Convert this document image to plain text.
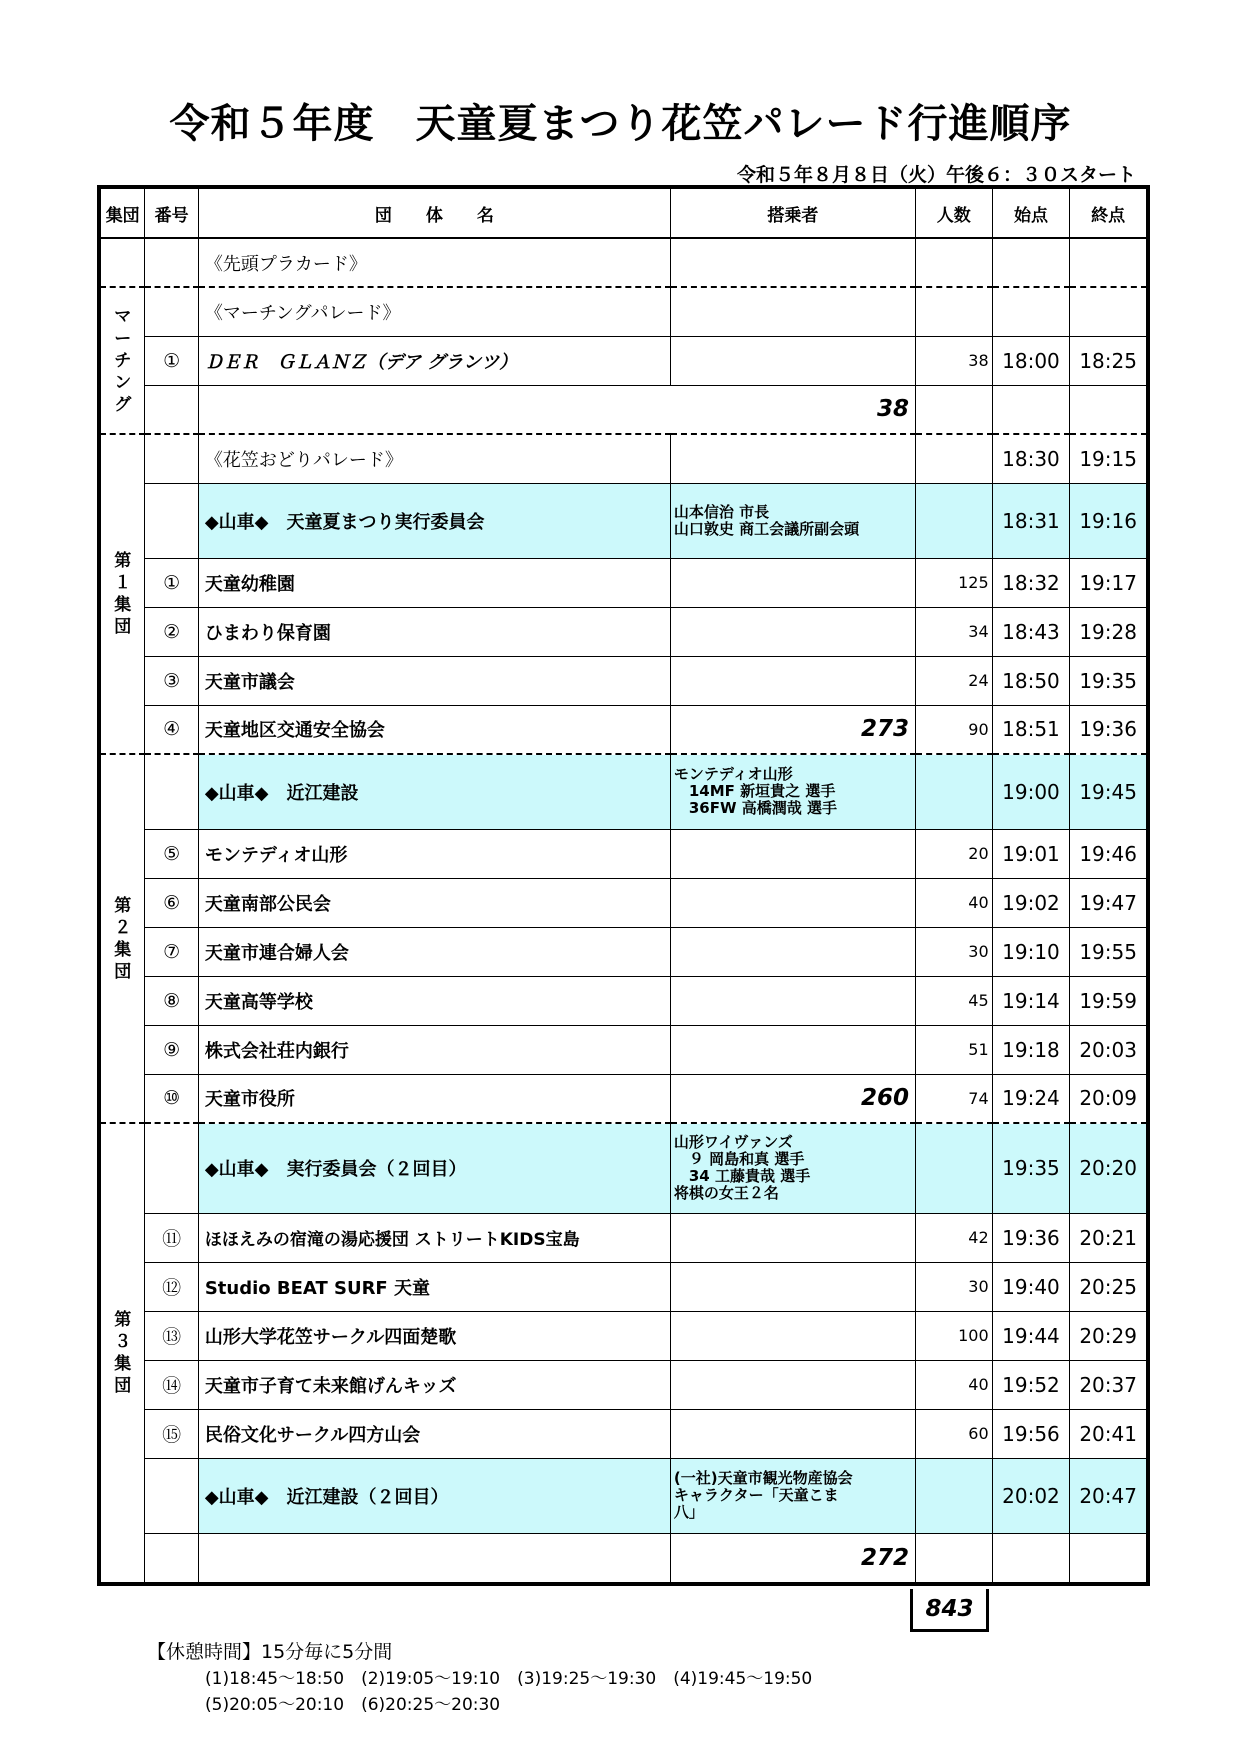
令和５年度　天童夏まつり花笠パレード行進順序
令和５年８月８日（火）午後６：３０スタート
集団	番号	団　　体　　名	搭乗者	人数	始点	終点
		《先頭プラカード》				

マーチング		《マーチングパレード》				
	①	ＤＥＲ　ＧＬＡＮＺ（デア グランツ）		38	18:00	18:25
		38				

第１集団		《花笠おどりパレード》			18:30	19:15
		◆山車◆　天童夏まつり実行委員会	山本信治 市長
山口敦史 商工会議所副会頭		18:31	19:16
	①	天童幼稚園		125	18:32	19:17
	②	ひまわり保育園		34	18:43	19:28
	③	天童市議会		24	18:50	19:35
	④	天童地区交通安全協会	273	90	18:51	19:36

第２集団		◆山車◆　近江建設	モンテディオ山形
　14MF 新垣貴之 選手
　36FW 高橋潤哉 選手		19:00	19:45
	⑤	モンテディオ山形		20	19:01	19:46
	⑥	天童南部公民会		40	19:02	19:47
	⑦	天童市連合婦人会		30	19:10	19:55
	⑧	天童高等学校		45	19:14	19:59
	⑨	株式会社荘内銀行		51	19:18	20:03
	⑩	天童市役所	260	74	19:24	20:09

第３集団		◆山車◆　実行委員会（２回目）	山形ワイヴァンズ
　９ 岡島和真 選手
　34 工藤貴哉 選手
将棋の女王２名		19:35	20:20
	⑪	ほほえみの宿滝の湯応援団 ストリートKIDS宝島		42	19:36	20:21
	⑫	Studio BEAT SURF 天童		30	19:40	20:25
	⑬	山形大学花笠サークル四面楚歌		100	19:44	20:29
	⑭	天童市子育て未来館げんキッズ		40	19:52	20:37
	⑮	民俗文化サークル四方山会		60	19:56	20:41
		◆山車◆　近江建設（２回目）	(一社)天童市観光物産協会
キャラクター「天童こま
八」		20:02	20:47
			272			
843
【休憩時間】15分毎に5分間
(1)18:45～18:50　(2)19:05～19:10　(3)19:25～19:30　(4)19:45～19:50
(5)20:05～20:10　(6)20:25～20:30
